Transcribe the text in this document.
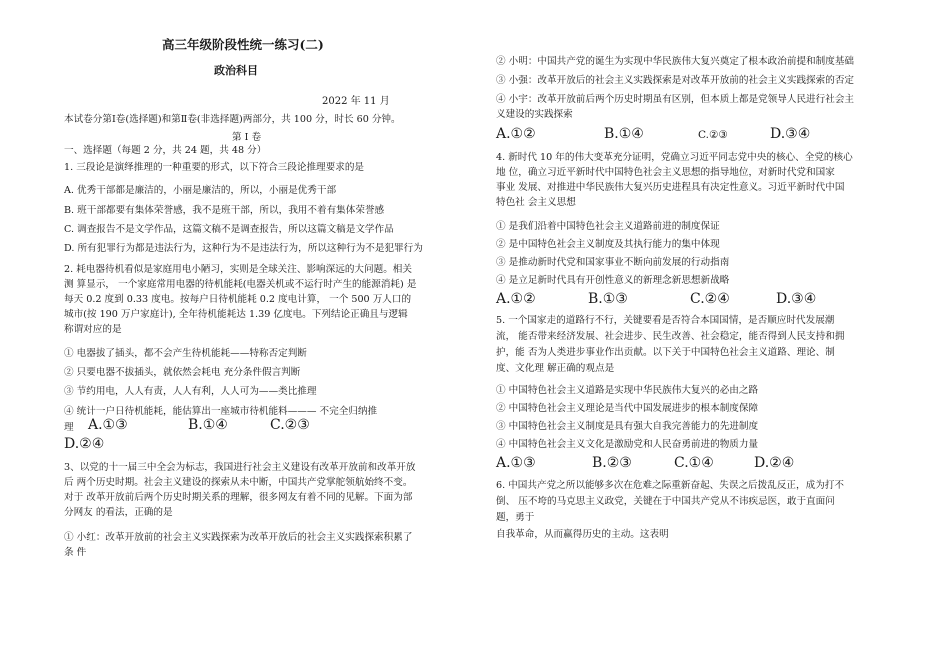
高三年级阶段性统一练习(二)
政治科目
2022 年 11 月
本试卷分第Ⅰ卷(选择题)和第Ⅱ卷(非选择题)两部分，共 100 分，时长 60 分钟。
第 Ⅰ 卷
一、选择题（每题 2 分，共 24 题，共 48 分）
1. 三段论是演绎推理的一种重要的形式，以下符合三段论推理要求的是
A. 优秀干部都是廉洁的，小丽是廉洁的，所以，小丽是优秀干部
B. 班干部都要有集体荣誉感，我不是班干部，所以，我用不着有集体荣誉感
C. 调查报告不是文学作品，这篇文稿不是调查报告，所以这篇文稿是文学作品
D. 所有犯罪行为都是违法行为，这种行为不是违法行为，所以这种行为不是犯罪行为
2. 耗电器待机看似是家庭用电小陋习，实则是全球关注、影响深远的大问题。相关
测 算显示， 一个家庭常用电器的待机能耗(电器关机或不运行时产生的能源消耗) 是
每天 0.2 度到 0.33 度电。按每户日待机能耗 0.2 度电计算， 一个 500 万人口的
城市(按 190 万户家庭计), 全年待机能耗达 1.39 亿度电。下列结论正确且与逻辑
称谓对应的是
① 电器拔了插头，都不会产生待机能耗——特称否定判断
② 只要电器不拔插头，就依然会耗电 充分条件假言判断
③ 节约用电，人人有责，人人有利，人人可为——类比推理
④ 统计一户日待机能耗，能估算出一座城市待机能料——— 不完全归纳推
理 A.①③	B.①④	C.②③
D.②④
3、以党的十一届三中全会为标志，我国进行社会主义建设有改革开放前和改革开放
后 两个历史时期。社会主义建设的探索从未中断，中国共产党掌舵领航始终不变。
对于 改革开放前后两个历史时期关系的理解，很多网友有着不同的见解。下面为部
分网友 的看法，正确的是
① 小红：改革开放前的社会主义实践探索为改革开放后的社会主义实践探索积累了
条 件
② 小明：中国共产党的诞生为实现中华民族伟大复兴奠定了根本政治前提和制度基础
③ 小强：改革开放后的社会主义实践探索是对改革开放前的社会主义实践探索的否定
④ 小宇：改革开放前后两个历史时期虽有区别，但本质上都是党领导人民进行社会主
义建设的实践探索
A.①②	B.①④	C.②③	D.③④
4. 新时代 10 年的伟大变革充分证明，党确立习近平同志党中央的核心、全党的核心
地 位，确立习近平新时代中国特色社会主义思想的指导地位，对新时代党和国家
事业 发展、对推进中华民族伟大复兴历史进程具有决定性意义。习近平新时代中国
特色社 会主义思想
① 是我们沿着中国特色社会主义道路前进的制度保证
② 是中国特色社会主义制度及其执行能力的集中体现
③ 是推动新时代党和国家事业不断向前发展的行动指南
④ 是立足新时代具有开创性意义的新理念新思想新战略
A.①②	B.①③	C.②④	D.③④
5. 一个国家走的道路行不行，关键要看是否符合本国国情，是否顺应时代发展潮
流， 能否带来经济发展、社会进步、民生改善、社会稳定，能否得到人民支持和拥
护，能 否为人类进步事业作出贡献。以下关于中国特色社会主义道路、理论、制
度、文化理 解正确的观点是
① 中国特色社会主义道路是实现中华民族伟大复兴的必由之路
② 中国特色社会主义理论是当代中国发展进步的根本制度保障
③ 中国特色社会主义制度是具有强大自我完善能力的先进制度
④ 中国特色社会主义文化是激励党和人民奋勇前进的物质力量
A.①③	B.②③	C.①④	D.②④
6. 中国共产党之所以能够多次在危难之际重新奋起、失误之后拨乱反正，成为打不
倒、 压不垮的马克思主义政党，关键在于中国共产党从不讳疾忌医，敢于直面问
题，勇于
自我革命，从而赢得历史的主动。这表明
